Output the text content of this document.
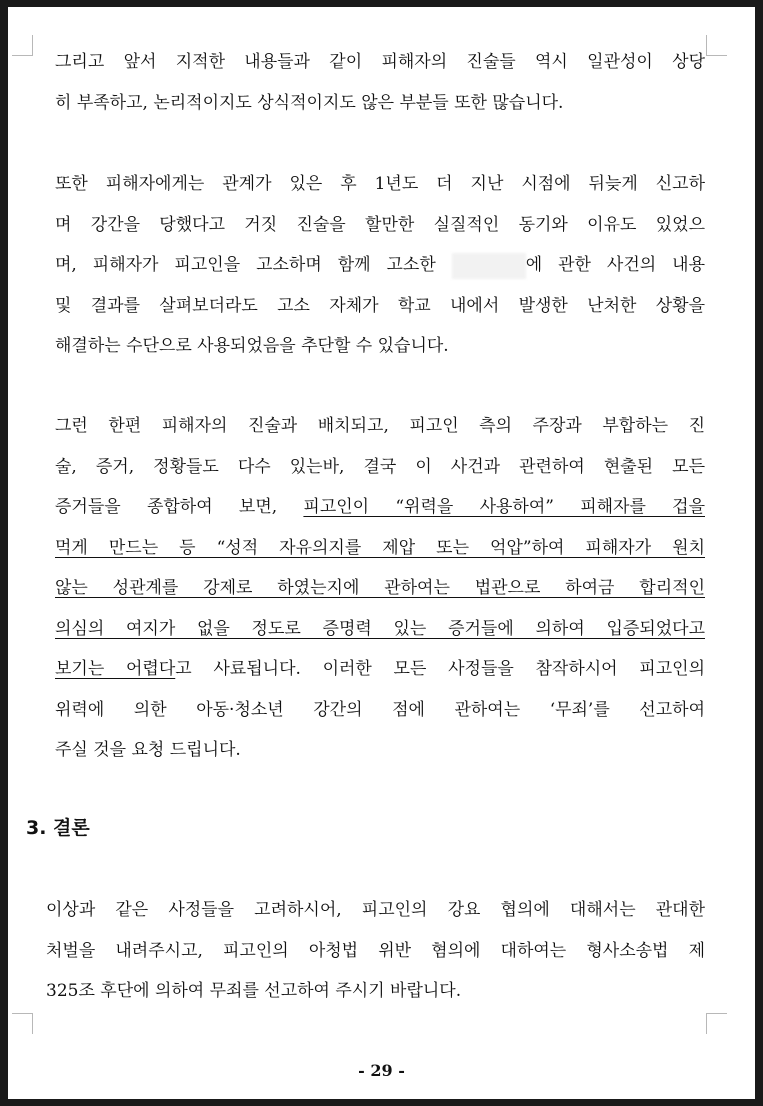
그리고 앞서 지적한 내용들과 같이 피해자의 진술들 역시 일관성이 상당
히 부족하고, 논리적이지도 상식적이지도 않은 부분들 또한 많습니다.
또한 피해자에게는 관계가 있은 후 1년도 더 지난 시점에 뒤늦게 신고하
며 강간을 당했다고 거짓 진술을 할만한 실질적인 동기와 이유도 있었으
며, 피해자가 피고인을 고소하며 함께 고소한	에 관한 사건의 내용
및 결과를 살펴보더라도 고소 자체가 학교 내에서 발생한 난처한 상황을
해결하는 수단으로 사용되었음을 추단할 수 있습니다.
그런 한편 피해자의 진술과 배치되고, 피고인 측의 주장과 부합하는 진
술, 증거, 정황들도 다수 있는바, 결국 이 사건과 관련하여 현출된 모든
증거들을 종합하여 보면, 피고인이 “위력을 사용하여” 피해자를 겁을
먹게 만드는 등 “성적 자유의지를 제압 또는 억압”하여 피해자가 원치
않는 성관계를 강제로 하였는지에 관하여는 법관으로 하여금 합리적인
의심의 여지가 없을 정도로 증명력 있는 증거들에 의하여 입증되었다고
보기는 어렵다고 사료됩니다. 이러한 모든 사정들을 참작하시어 피고인의
위력에 의한 아동·청소년 강간의 점에 관하여는 ‘무죄’를 선고하여
주실 것을 요청 드립니다.
3. 결론
이상과 같은 사정들을 고려하시어, 피고인의 강요 협의에 대해서는 관대한
처벌을 내려주시고, 피고인의 아청법 위반 혐의에 대하여는 형사소송법 제
325조 후단에 의하여 무죄를 선고하여 주시기 바랍니다.
- 29 -
